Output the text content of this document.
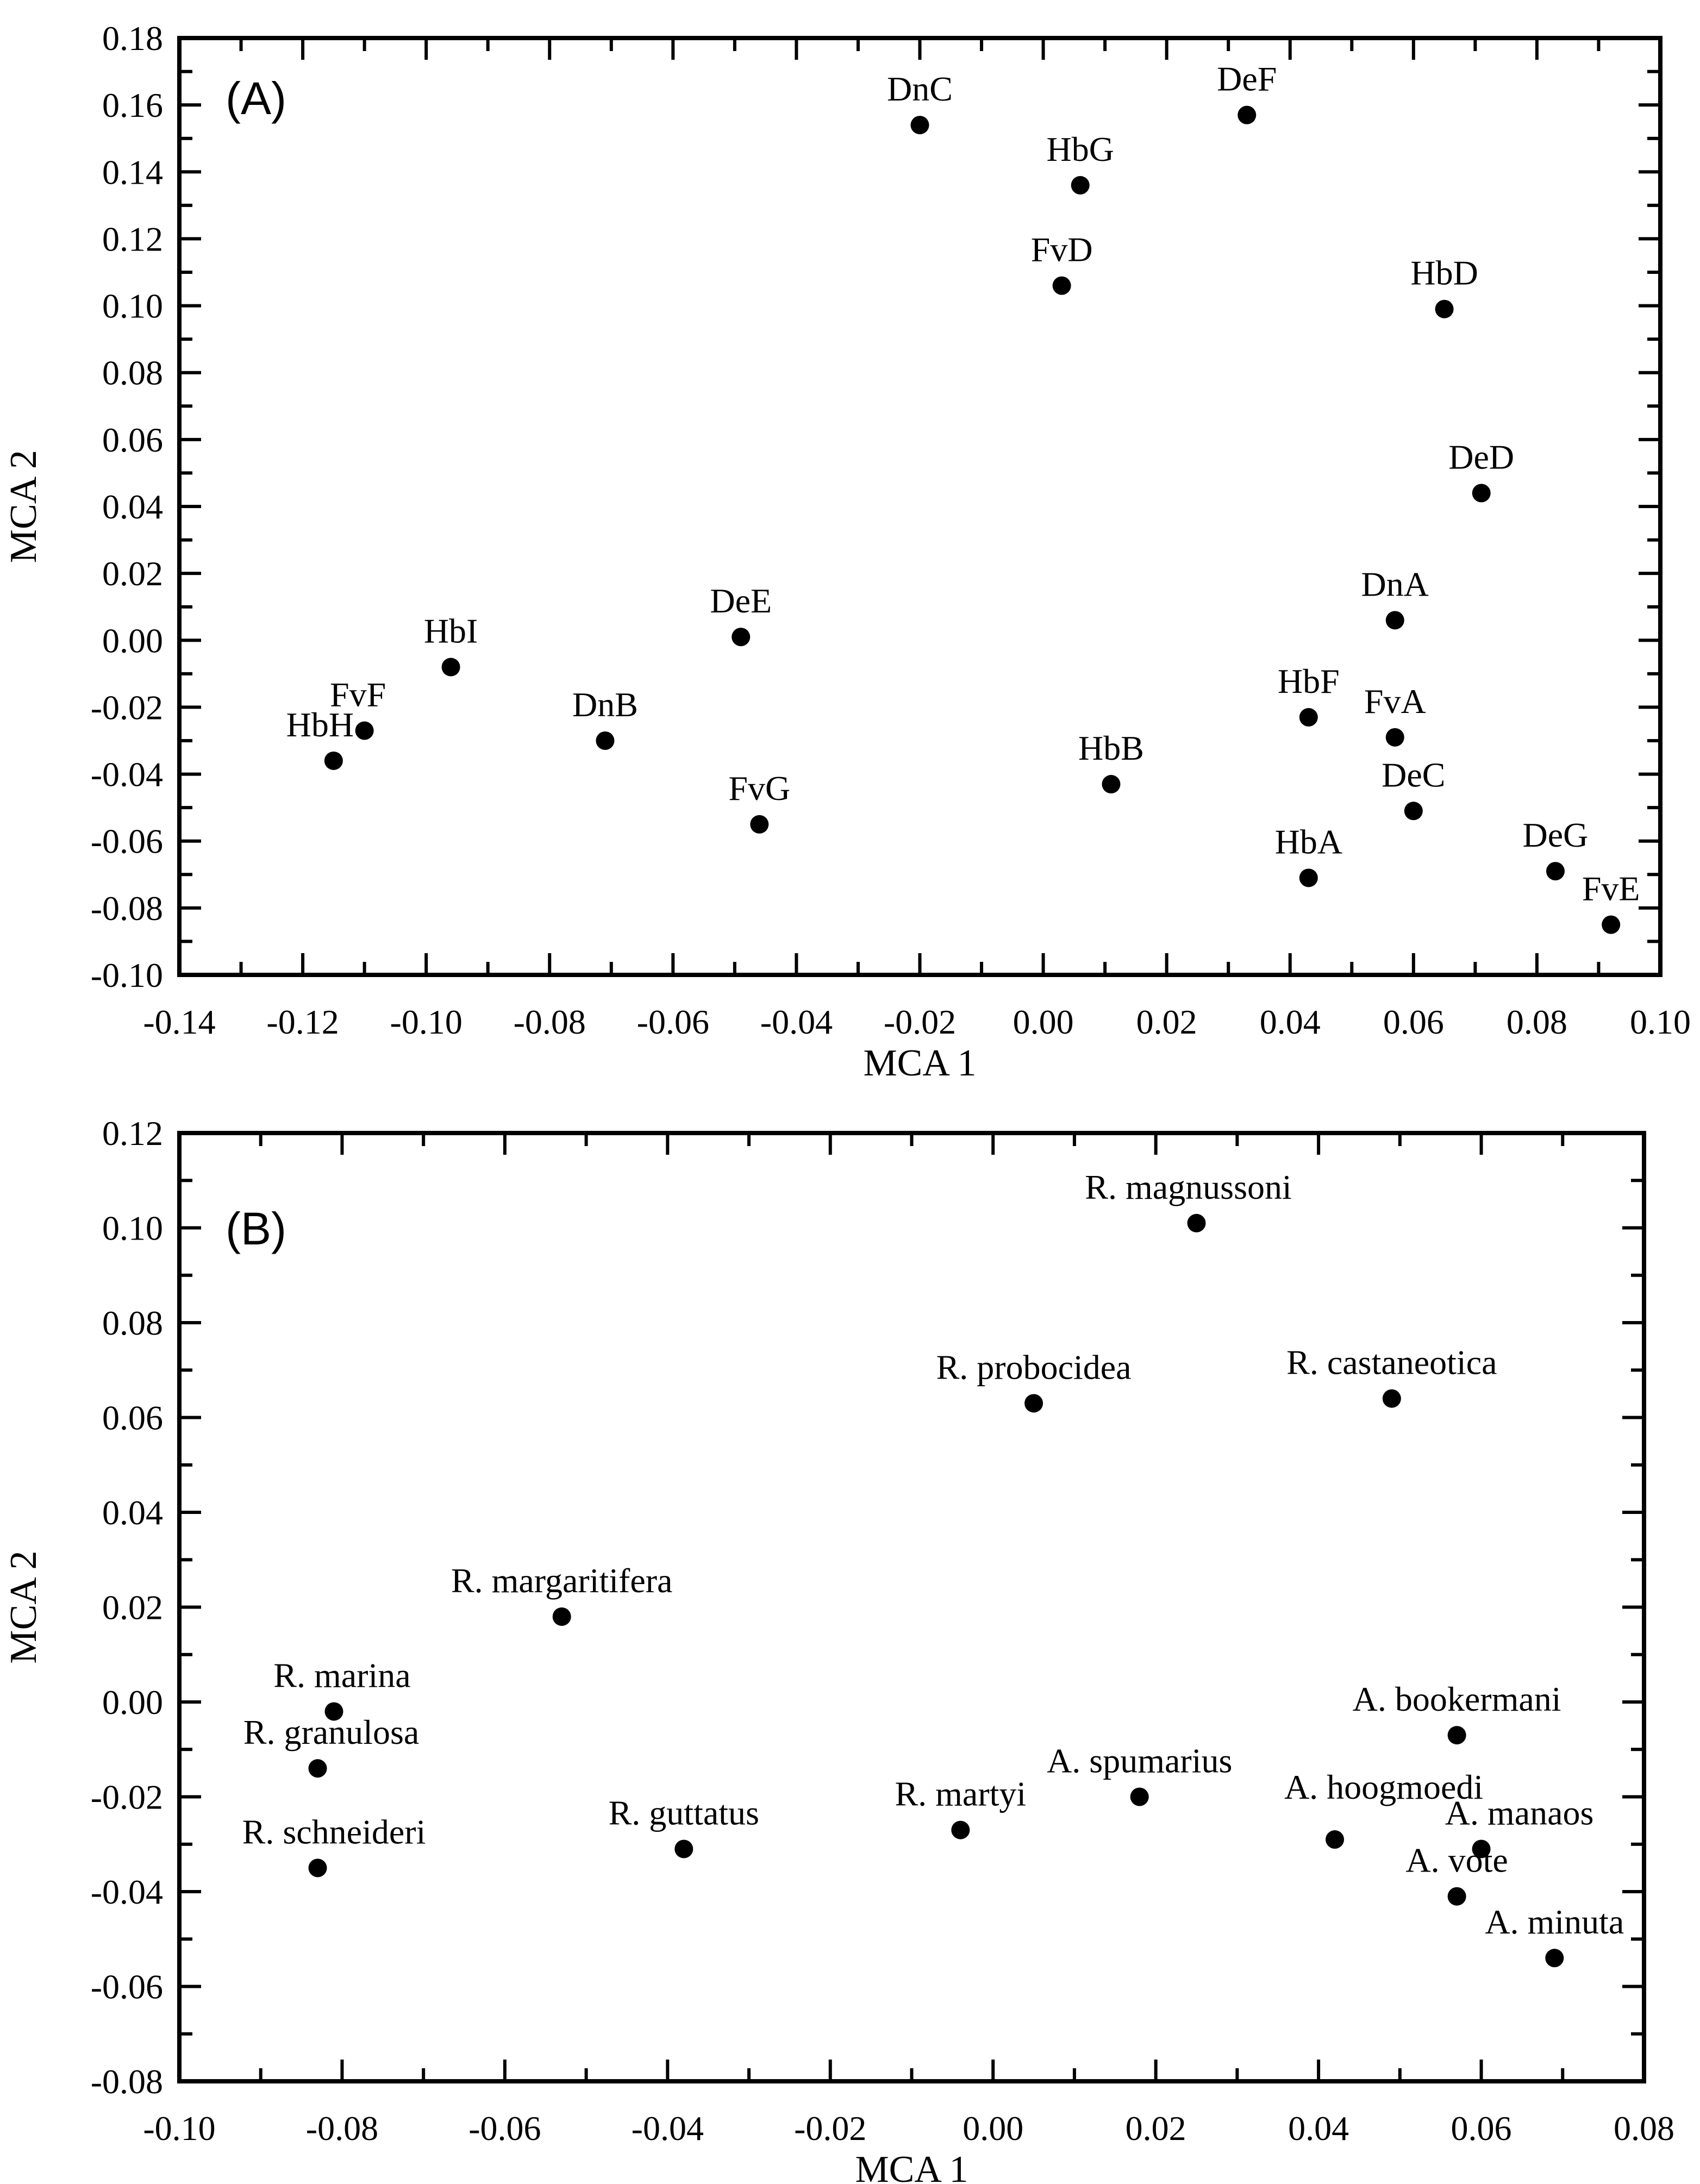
-0.14 -0.12 -0.10 -0.08 -0.06 -0.04 -0.02 0.00 0.02 0.04 0.06 0.08 0.10
-0.10
-0.08
-0.06
-0.04
-0.02
0.00
0.02
0.04
0.06
0.08
0.10
0.12
0.14
0.16
0.18
MCA 1
MCA 2
(A)	DnC	DeF
HbG
FvD
HbD
DeD
DnA
DeE
HbI
FvF
HbH
DnB
FvG
HbB
HbF
FvA
DeC
HbA	DeG
FvE
-0.10	-0.08	-0.06	-0.04	-0.02	0.00	0.02	0.04	0.06	0.08
-0.08
-0.06
-0.04
-0.02
0.00
0.02
0.04
0.06
0.08
0.10
0.12
MCA 1
MCA 2
(B)
R. magnussoni
R. probocidea	R. castaneotica
R. margaritifera
R. marina
R. granulosa
R. schneideri	R. guttatus	R. martyi
A. spumarius
A. hoogmoedi
A. bookermani
A. manaos
A. vote
A. minuta
